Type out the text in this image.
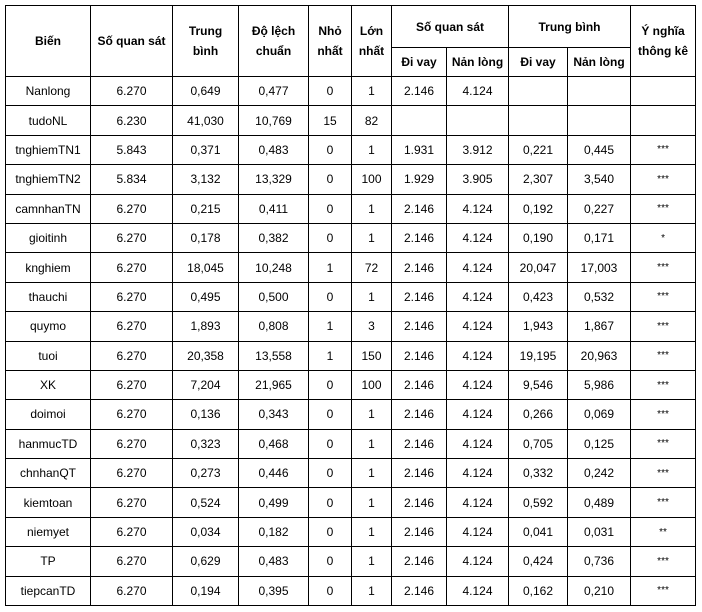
Biến	Số quan sát	Trung bình	Độ lệch chuẩn	Nhỏ nhất	Lớn nhất	Số quan sát		Trung bình		Ý nghĩa thông kê
						Đi vay	Nản lòng	Đi vay	Nản lòng	
Nanlong	6.270	0,649	0,477	0	1	2.146	4.124			
tudoNL	6.230	41,030	10,769	15	82					
tnghiemTN1	5.843	0,371	0,483	0	1	1.931	3.912	0,221	0,445	***
tnghiemTN2	5.834	3,132	13,329	0	100	1.929	3.905	2,307	3,540	***
camnhanTN	6.270	0,215	0,411	0	1	2.146	4.124	0,192	0,227	***
gioitinh	6.270	0,178	0,382	0	1	2.146	4.124	0,190	0,171	*
knghiem	6.270	18,045	10,248	1	72	2.146	4.124	20,047	17,003	***
thauchi	6.270	0,495	0,500	0	1	2.146	4.124	0,423	0,532	***
quymo	6.270	1,893	0,808	1	3	2.146	4.124	1,943	1,867	***
tuoi	6.270	20,358	13,558	1	150	2.146	4.124	19,195	20,963	***
XK	6.270	7,204	21,965	0	100	2.146	4.124	9,546	5,986	***
doimoi	6.270	0,136	0,343	0	1	2.146	4.124	0,266	0,069	***
hanmucTD	6.270	0,323	0,468	0	1	2.146	4.124	0,705	0,125	***
chnhanQT	6.270	0,273	0,446	0	1	2.146	4.124	0,332	0,242	***
kiemtoan	6.270	0,524	0,499	0	1	2.146	4.124	0,592	0,489	***
niemyet	6.270	0,034	0,182	0	1	2.146	4.124	0,041	0,031	**
TP	6.270	0,629	0,483	0	1	2.146	4.124	0,424	0,736	***
tiepcanTD	6.270	0,194	0,395	0	1	2.146	4.124	0,162	0,210	***
